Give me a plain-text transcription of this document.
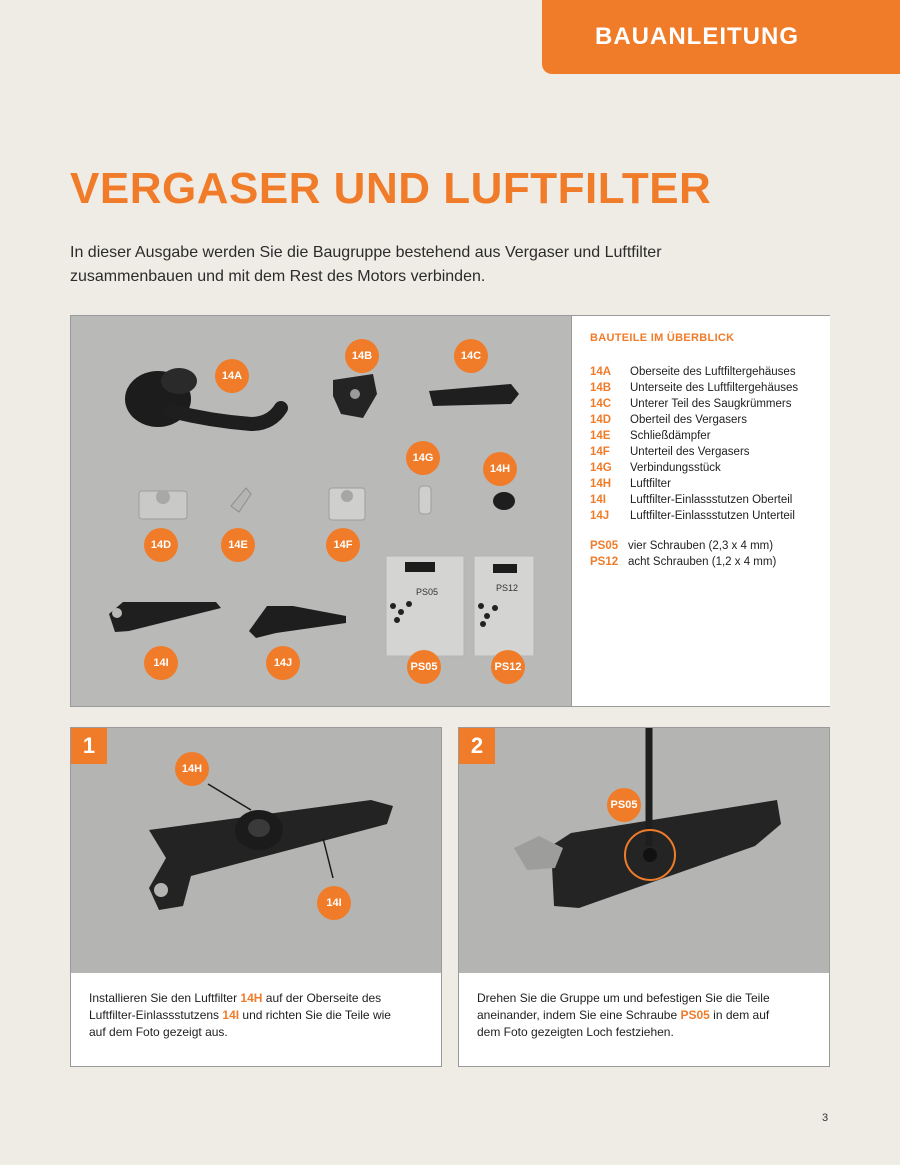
BAUANLEITUNG
VERGASER UND LUFTFILTER
In dieser Ausgabe werden Sie die Baugruppe bestehend aus Vergaser und Luftfilter
zusammenbauen und mit dem Rest des Motors verbinden.
PS05	PS12
14A
14B	14C
14D	14E	14F
14G
14H
14I	14J	PS05	PS12
BAUTEILE IM ÜBERBLICK
14A	Oberseite des Luftfiltergehäuses
14B	Unterseite des Luftfiltergehäuses
14C	Unterer Teil des Saugkrümmers
14D	Oberteil des Vergasers
14E	Schließdämpfer
14F	Unterteil des Vergasers
14G	Verbindungsstück
14H	Luftfilter
14I	Luftfilter-Einlassstutzen Oberteil
14J	Luftfilter-Einlassstutzen Unterteil
PS05 vier Schrauben (2,3 x 4 mm)
PS12 acht Schrauben (1,2 x 4 mm)
1
14H
14I
Installieren Sie den Luftfilter 14H auf der Oberseite des
Luftfilter-Einlassstutzens 14I und richten Sie die Teile wie
auf dem Foto gezeigt aus.
2
PS05
Drehen Sie die Gruppe um und befestigen Sie die Teile
aneinander, indem Sie eine Schraube PS05 in dem auf
dem Foto gezeigten Loch festziehen.
3
